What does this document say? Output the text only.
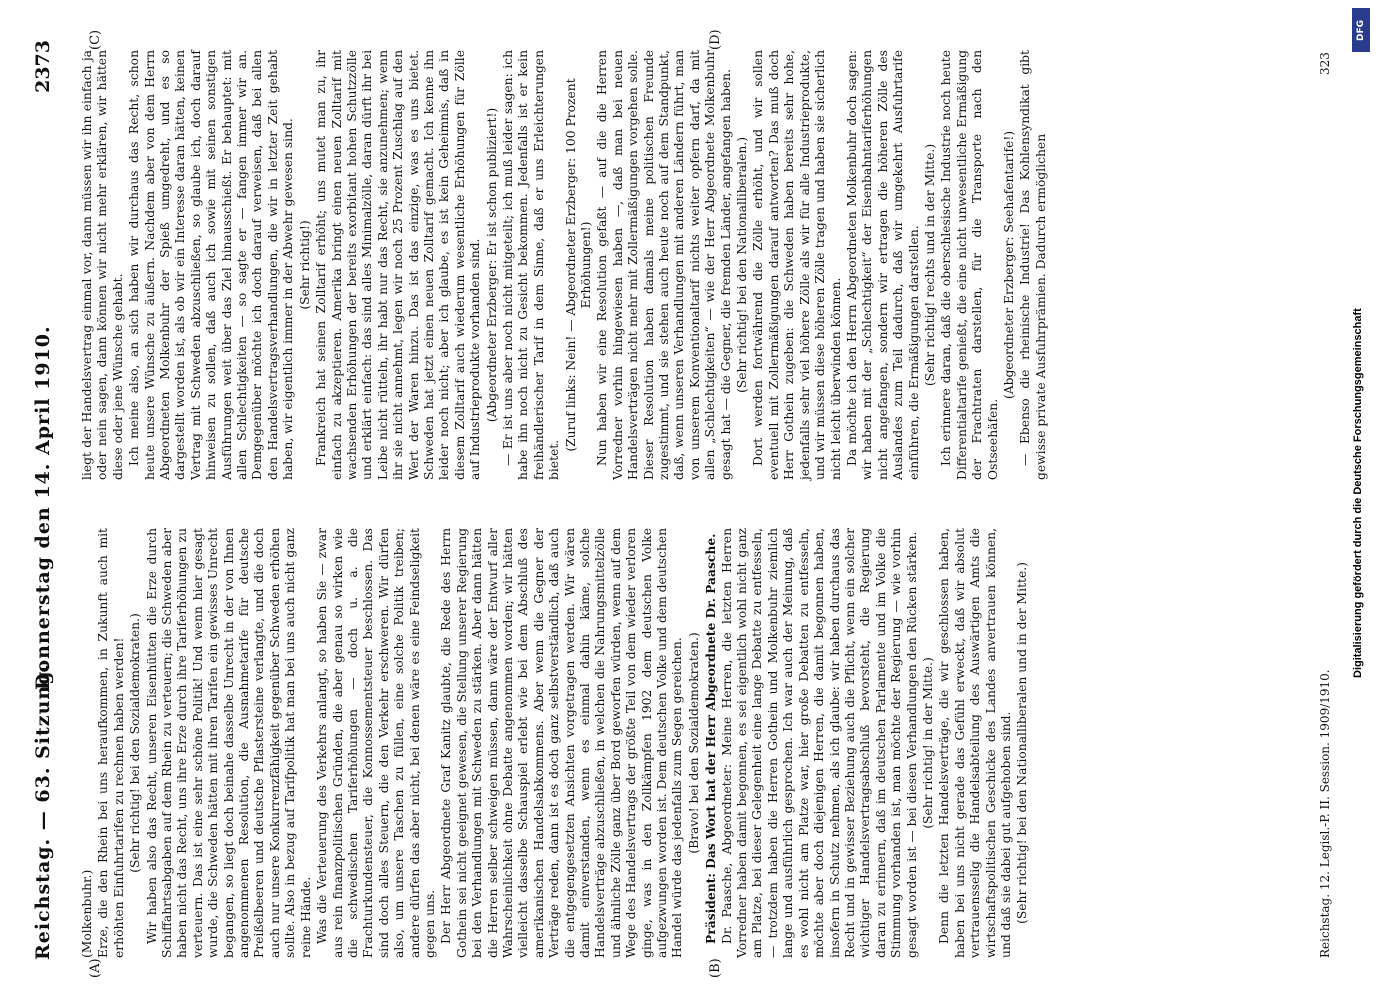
Reichstag. — 63. Sitzung.
Donnerstag den 14. April 1910.
2373
(A)	(B)
(C)	(D)

(Molkenbuhr.) Erze, die den Rhein bei uns heraufkommen, in Zukunft auch mit erhöhten Einfuhrtarifen zu rechnen haben werden! (Sehr richtig! bei den Sozialdemokraten.) Wir haben also das Recht, unseren Eisenhütten die Erze durch Schiffahrtsabgaben auf dem Rhein zu verteuern; die Schweden aber haben nicht das Recht, uns ihre Erze durch ihre Tariferhöhungen zu verteuern. Das ist eine sehr schöne Politik! Und wenn hier gesagt wurde, die Schweden hätten mit ihren Tarifen ein gewisses Unrecht begangen, so liegt doch beinahe dasselbe Unrecht in der von Ihnen angenommenen Resolution, die Ausnahmetarife für deutsche Preißelbeeren und deutsche Pflastersteine verlangte, und die doch auch nur unsere Konkurrenzfähigkeit gegenüber Schweden erhöhen sollte. Also in bezug auf Tarifpolitik hat man bei uns auch nicht ganz reine Hände. Was die Verteuerung des Verkehrs anlangt, so haben Sie — zwar aus rein finanzpolitischen Gründen, die aber genau so wirken wie die schwedischen Tariferhöhungen — doch u. a. die Frachturkundensteuer, die Konnossementsteuer beschlossen. Das sind doch alles Steuern, die den Verkehr erschweren. Wir dürfen also, um unsere Taschen zu füllen, eine solche Politik treiben; andere dürfen das aber nicht, bei denen wäre es eine Feindseligkeit gegen uns. Der Herr Abgeordnete Graf Kanitz glaubte, die Rede des Herrn Gothein sei nicht geeignet gewesen, die Stellung unserer Regierung bei den Verhandlungen mit Schweden zu stärken. Aber dann hätten die Herren selber schweigen müssen, dann wäre der Entwurf aller Wahrscheinlichkeit ohne Debatte angenommen worden; wir hätten vielleicht dasselbe Schauspiel erlebt wie bei dem Abschluß des amerikanischen Handelsabkommens. Aber wenn die Gegner der Verträge reden, dann ist es doch ganz selbstverständlich, daß auch die entgegengesetzten Ansichten vorgetragen werden. Wir wären damit einverstanden, wenn es einmal dahin käme, solche Handelsverträge abzuschließen, in welchen die Nahrungsmittelzölle und ähnliche Zölle ganz über Bord geworfen würden, wenn auf dem Wege des Handelsvertrags der größte Teil von dem wieder verloren ginge, was in den Zollkämpfen 1902 dem deutschen Volke aufgezwungen worden ist. Dem deutschen Volke und dem deutschen Handel würde das jedenfalls zum Segen gereichen. (Bravo! bei den Sozialdemokraten.) Präsident: Das Wort hat der Herr Abgeordnete Dr. Paasche. Dr. Paasche, Abgeordneter: Meine Herren, die letzten Herren Vorredner haben damit begonnen, es sei eigentlich wohl nicht ganz am Platze, bei dieser Gelegenheit eine lange Debatte zu entfesseln, — trotzdem haben die Herren Gothein und Molkenbuhr ziemlich lange und ausführlich gesprochen. Ich war auch der Meinung, daß es wohl nicht am Platze war, hier große Debatten zu entfesseln, möchte aber doch diejenigen Herren, die damit begonnen haben, insofern in Schutz nehmen, als ich glaube: wir haben durchaus das Recht und in gewisser Beziehung auch die Pflicht, wenn ein solcher wichtiger Handelsvertragsabschluß bevorsteht, die Regierung daran zu erinnern, daß im deutschen Parlamente und im Volke die Stimmung vorhanden ist, man möchte der Regierung — wie vorhin gesagt worden ist — bei diesen Verhandlungen den Rücken stärken. (Sehr richtig! in der Mitte.) Denn die letzten Handelsverträge, die wir geschlossen haben, haben bei uns nicht gerade das Gefühl erweckt, daß wir absolut vertrauensselig die Handelsabteilung des Auswärtigen Amts die wirtschaftspolitischen Geschicke des Landes anvertrauen können, und daß sie dabei gut aufgehoben sind. (Sehr richtig! bei den Nationalliberalen und in der Mitte.)

liegt der Handelsvertrag einmal vor, dann müssen wir ihn einfach ja oder nein sagen, dann können wir nicht mehr erklären, wir hätten diese oder jene Wünsche gehabt. Ich meine also, an sich haben wir durchaus das Recht, schon heute unsere Wünsche zu äußern. Nachdem aber von dem Herrn Abgeordneten Molkenbuhr der Spieß umgedreht, und es so dargestellt worden ist, als ob wir ein Interesse daran hätten, keinen Vertrag mit Schweden abzuschließen, so glaube ich, doch darauf hinweisen zu sollen, daß auch ich sowie mit seinen sonstigen Ausführungen weit über das Ziel hinausschießt. Er behauptet: mit allen Schlechtigkeiten — so sagte er — fangen immer wir an. Demgegenüber möchte ich doch darauf verweisen, daß bei allen den Handelsvertragsverhandlungen, die wir in letzter Zeit gehabt haben, wir eigentlich immer in der Abwehr gewesen sind. (Sehr richtig!) Frankreich hat seinen Zolltarif erhöht; uns mutet man zu, ihr einfach zu akzeptieren. Amerika bringt einen neuen Zolltarif mit wachsenden Erhöhungen der bereits exorbitant hohen Schutzzölle und erklärt einfach: das sind alles Minimalzölle, daran dürft ihr bei Leibe nicht rütteln, ihr habt nur das Recht, sie anzunehmen; wenn ihr sie nicht annehmt, legen wir noch 25 Prozent Zuschlag auf den Wert der Waren hinzu. Das ist das einzige, was es uns bietet. Schweden hat jetzt einen neuen Zolltarif gemacht. Ich kenne ihn leider noch nicht; aber ich glaube, es ist kein Geheimnis, daß in diesem Zolltarif auch wiederum wesentliche Erhöhungen für Zölle auf Industrieprodukte vorhanden sind. (Abgeordneter Erzberger: Er ist schon publiziert!) — Er ist uns aber noch nicht mitgeteilt; ich muß leider sagen: ich habe ihn noch nicht zu Gesicht bekommen. Jedenfalls ist er kein freihändlerischer Tarif in dem Sinne, daß er uns Erleichterungen bietet.

(Zuruf links: Nein! — Abgeordneter Erzberger: 100 Prozent Erhöhungen!) Nun haben wir eine Resolution gefaßt — auf die die Herren Vorredner vorhin hingewiesen haben —, daß man bei neuen Handelsverträgen nicht mehr mit Zollermäßigungen vorgehen solle. Dieser Resolution haben damals meine politischen Freunde zugestimmt, und sie stehen auch heute noch auf dem Standpunkt, daß, wenn unseren Verhandlungen mit anderen Ländern führt, man von unserem Konventionaltarif nichts weiter opfern darf, da mit allen „Schlechtigkeiten“ — wie der Herr Abgeordnete Molkenbuhr gesagt hat — die Gegner, die fremden Länder, angefangen haben. (Sehr richtig! bei den Nationalliberalen.) Dort werden fortwährend die Zölle erhöht, und wir sollen eventuell mit Zollermäßigungen darauf antworten? Das muß doch Herr Gothein zugeben: die Schweden haben bereits sehr hohe, jedenfalls sehr viel höhere Zölle als wir für alle Industrieprodukte, und wir müssen diese höheren Zölle tragen und haben sie sicherlich nicht leicht überwinden können. Da möchte ich den Herrn Abgeordneten Molkenbuhr doch sagen: wir haben mit der „Schlechtigkeit“ der Eisenbahntariferhöhungen nicht angefangen, sondern wir ertragen die höheren Zölle des Auslandes zum Teil dadurch, daß wir umgekehrt Ausfuhrtarife einführen, die Ermäßigungen darstellen. (Sehr richtig! rechts und in der Mitte.) Ich erinnere daran, daß die oberschlesische Industrie noch heute Differentialtarife genießt, die eine nicht unwesentliche Ermäßigung der Frachtraten darstellen, für die Transporte nach den Ostseehäfen.

(Abgeordneter Erzberger: Seehafentarife!) — Ebenso die rheinische Industrie! Das Kohlensyndikat gibt gewisse private Ausfuhrprämien. Dadurch ermöglichen

Reichstag. 12. Legisl.-P. II. Session. 1909/1910.
323
DFG
Digitalisierung gefördert durch die Deutsche Forschungsgemeinschaft
